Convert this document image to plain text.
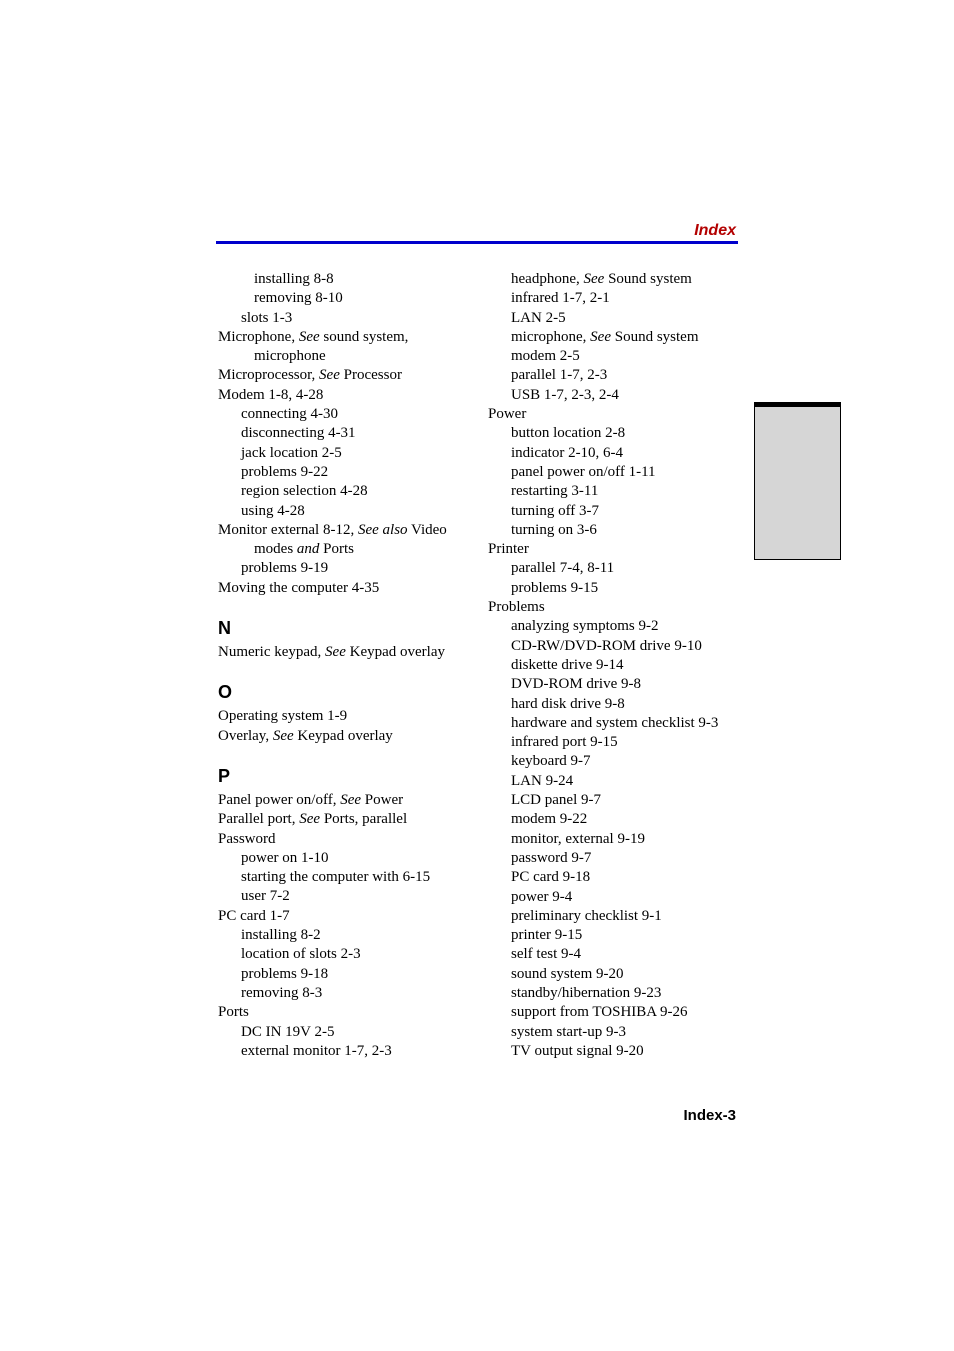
Index
installing 8-8
removing 8-10
slots 1-3
Microphone, See sound system,
microphone
Microprocessor, See Processor
Modem 1-8, 4-28
connecting 4-30
disconnecting 4-31
jack location 2-5
problems 9-22
region selection 4-28
using 4-28
Monitor external 8-12, See also Video
modes and Ports
problems 9-19
Moving the computer 4-35
N
Numeric keypad, See Keypad overlay
O
Operating system 1-9
Overlay, See Keypad overlay
P
Panel power on/off, See Power
Parallel port, See Ports, parallel
Password
power on 1-10
starting the computer with 6-15
user 7-2
PC card 1-7
installing 8-2
location of slots 2-3
problems 9-18
removing 8-3
Ports
DC IN 19V 2-5
external monitor 1-7, 2-3
headphone, See Sound system
infrared 1-7, 2-1
LAN 2-5
microphone, See Sound system
modem 2-5
parallel 1-7, 2-3
USB 1-7, 2-3, 2-4
Power
button location 2-8
indicator 2-10, 6-4
panel power on/off 1-11
restarting 3-11
turning off 3-7
turning on 3-6
Printer
parallel 7-4, 8-11
problems 9-15
Problems
analyzing symptoms 9-2
CD-RW/DVD-ROM drive 9-10
diskette drive 9-14
DVD-ROM drive 9-8
hard disk drive 9-8
hardware and system checklist 9-3
infrared port 9-15
keyboard 9-7
LAN 9-24
LCD panel 9-7
modem 9-22
monitor, external 9-19
password 9-7
PC card 9-18
power 9-4
preliminary checklist 9-1
printer 9-15
self test 9-4
sound system 9-20
standby/hibernation 9-23
support from TOSHIBA 9-26
system start-up 9-3
TV output signal 9-20
Index-3
